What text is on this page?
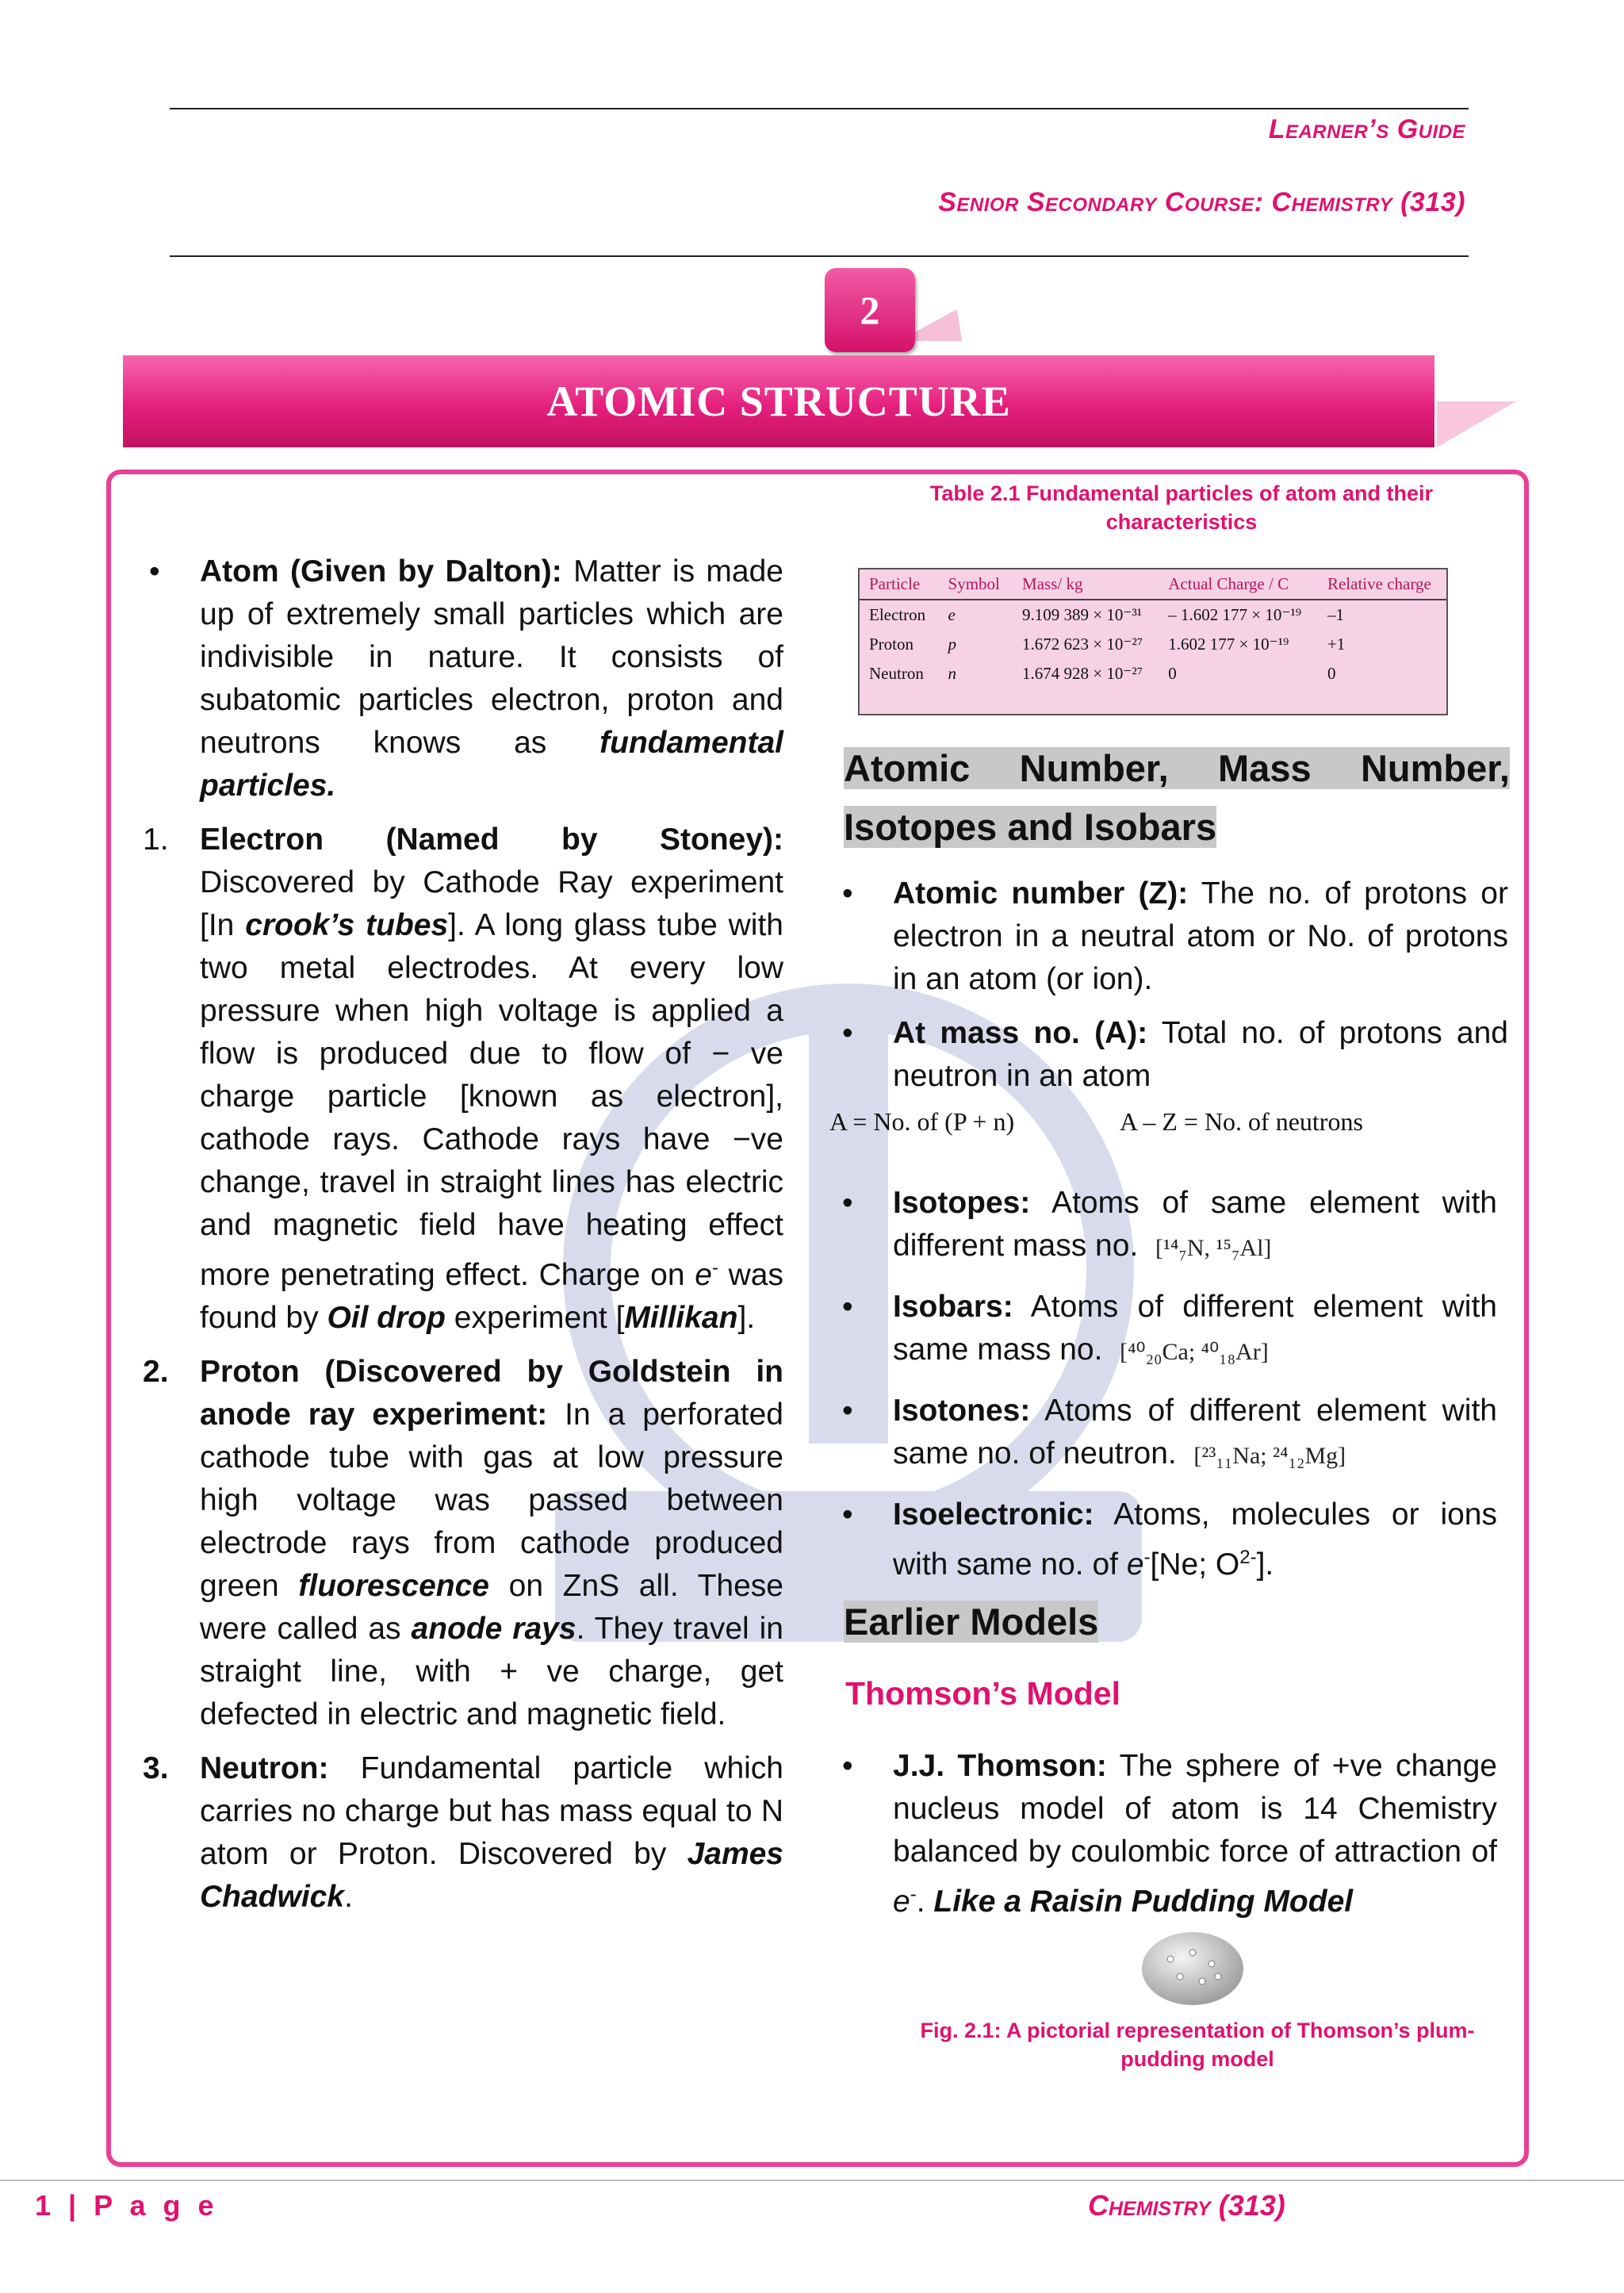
Learner’s Guide
Senior Secondary Course: Chemistry (313)
2
ATOMIC STRUCTURE
• Atom (Given by Dalton): Matter is made up of extremely small particles which are indivisible in nature. It consists of subatomic particles electron, proton and neutrons knows as fundamental particles.

1. Electron (Named by Stoney): Discovered by Cathode Ray experiment [In crook’s tubes]. A long glass tube with two metal electrodes. At every low pressure when high voltage is applied a flow is produced due to flow of − ve charge particle [known as electron], cathode rays. Cathode rays have −ve change, travel in straight lines has electric and magnetic field have heating effect more penetrating effect. Charge on e- was found by Oil drop experiment [Millikan].

2. Proton (Discovered by Goldstein in anode ray experiment: In a perforated cathode tube with gas at low pressure high voltage was passed between electrode rays from cathode produced green fluorescence on ZnS all. These were called as anode rays. They travel in straight line, with + ve charge, get defected in electric and magnetic field.

3. Neutron: Fundamental particle which carries no charge but has mass equal to N atom or Proton. Discovered by James Chadwick.

Table 2.1 Fundamental particles of atom and their characteristics
Particle	Symbol	Mass/ kg	Actual Charge / C	Relative charge
Electron	e	9.109 389 × 10⁻³¹	– 1.602 177 × 10⁻¹⁹	–1
Proton	p	1.672 623 × 10⁻²⁷	1.602 177 × 10⁻¹⁹	+1
Neutron	n	1.674 928 × 10⁻²⁷	0	0
Atomic Number, Mass Number, Isotopes and Isobars
• Atomic number (Z): The no. of protons or electron in a neutral atom or No. of protons in an atom (or ion).

• At mass no. (A): Total no. of protons and neutron in an atom

A = No. of (P + n)	A – Z = No. of neutrons
• Isotopes: Atoms of same element with different mass no. [¹⁴₇N, ¹⁵₇Al]

• Isobars: Atoms of different element with same mass no. [⁴⁰₂₀Ca; ⁴⁰₁₈Ar]

• Isotones: Atoms of different element with same no. of neutron. [²³₁₁Na; ²⁴₁₂Mg]

• Isoelectronic: Atoms, molecules or ions with same no. of e-[Ne; $O^{2-}$].

Earlier Models
Thomson’s Model
• J.J. Thomson: The sphere of +ve change nucleus model of atom is 14 Chemistry balanced by coulombic force of attraction of e-. Like a Raisin Pudding Model

Fig. 2.1: A pictorial representation of Thomson’s plum-pudding model
1 | P a g e	Chemistry (313)
